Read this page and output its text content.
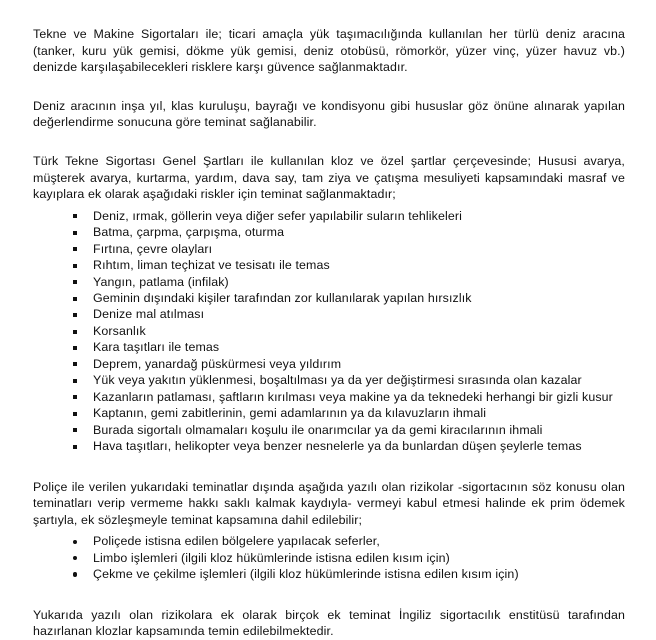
Tekne ve Makine Sigortaları ile; ticari amaçla yük taşımacılığında kullanılan her türlü deniz aracına (tanker, kuru yük gemisi, dökme yük gemisi, deniz otobüsü, römorkör, yüzer vinç, yüzer havuz vb.) denizde karşılaşabilecekleri risklere karşı güvence sağlanmaktadır.

Deniz aracının inşa yıl, klas kuruluşu, bayrağı ve kondisyonu gibi hususlar göz önüne alınarak yapılan değerlendirme sonucuna göre teminat sağlanabilir.

Türk Tekne Sigortası Genel Şartları ile kullanılan kloz ve özel şartlar çerçevesinde; Hususi avarya, müşterek avarya, kurtarma, yardım, dava say, tam ziya ve çatışma mesuliyeti kapsamındaki masraf ve kayıplara ek olarak aşağıdaki riskler için teminat sağlanmaktadır;

Deniz, ırmak, göllerin veya diğer sefer yapılabilir suların tehlikeleri
Batma, çarpma, çarpışma, oturma
Fırtına, çevre olayları
Rıhtım, liman teçhizat ve tesisatı ile temas
Yangın, patlama (infilak)
Geminin dışındaki kişiler tarafından zor kullanılarak yapılan hırsızlık
Denize mal atılması
Korsanlık
Kara taşıtları ile temas
Deprem, yanardağ püskürmesi veya yıldırım
Yük veya yakıtın yüklenmesi, boşaltılması ya da yer değiştirmesi sırasında olan kazalar
Kazanların patlaması, şaftların kırılması veya makine ya da teknedeki herhangi bir gizli kusur
Kaptanın, gemi zabitlerinin, gemi adamlarının ya da kılavuzların ihmali
Burada sigortalı olmamaları koşulu ile onarımcılar ya da gemi kiracılarının ihmali
Hava taşıtları, helikopter veya benzer nesnelerle ya da bunlardan düşen şeylerle temas

Poliçe ile verilen yukarıdaki teminatlar dışında aşağıda yazılı olan rizikolar -sigortacının söz konusu olan teminatları verip vermeme hakkı saklı kalmak kaydıyla- vermeyi kabul etmesi halinde ek prim ödemek şartıyla, ek sözleşmeyle teminat kapsamına dahil edilebilir;

Poliçede istisna edilen bölgelere yapılacak seferler,
Limbo işlemleri (ilgili kloz hükümlerinde istisna edilen kısım için)
Çekme ve çekilme işlemleri (ilgili kloz hükümlerinde istisna edilen kısım için)

Yukarıda yazılı olan rizikolara ek olarak birçok ek teminat İngiliz sigortacılık enstitüsü tarafından hazırlanan klozlar kapsamında temin edilebilmektedir.
